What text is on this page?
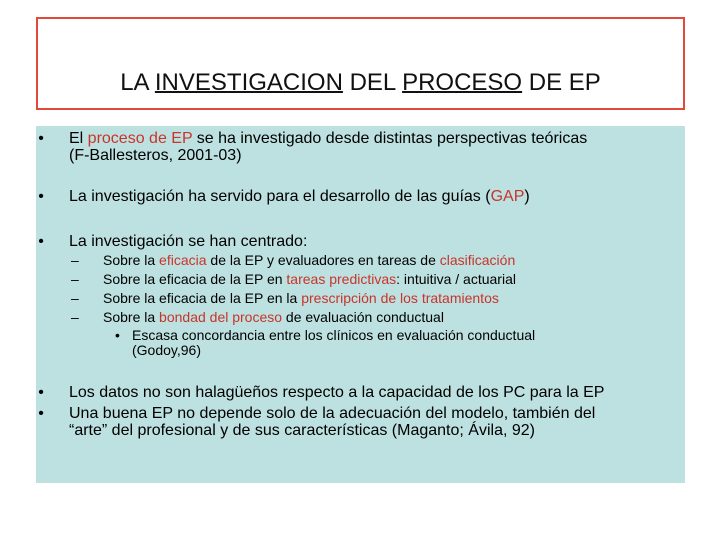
LA INVESTIGACION DEL PROCESO DE EP
•	El proceso de EP se ha investigado desde distintas perspectivas teóricas
(F-Ballesteros, 2001-03)
•	La investigación ha servido para el desarrollo de las guías (GAP)
•	La investigación se han centrado:
– Sobre la eficacia de la EP y evaluadores en tareas de clasificación
– Sobre la eficacia de la EP en tareas predictivas: intuitiva / actuarial
– Sobre la eficacia de la EP en la prescripción de los tratamientos
– Sobre la bondad del proceso de evaluación conductual
• Escasa concordancia entre los clínicos en evaluación conductual
(Godoy,96)
•	Los datos no son halagüeños respecto a la capacidad de los PC para la EP
•	Una buena EP no depende solo de la adecuación del modelo, también del
“arte” del profesional y de sus características (Maganto; Ávila, 92)
